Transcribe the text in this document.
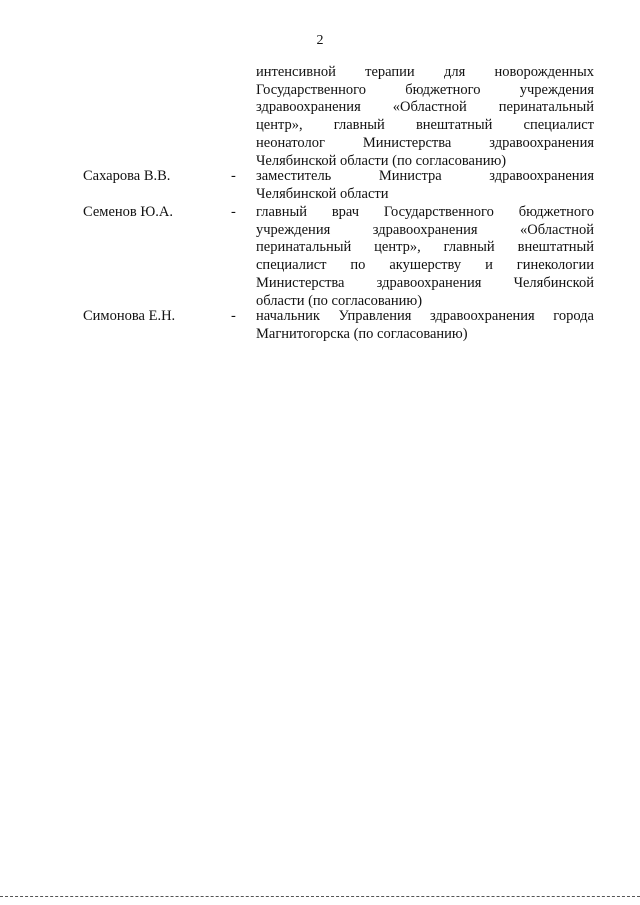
2
интенсивной терапии для новорожденных
Государственного бюджетного учреждения
здравоохранения «Областной перинатальный
центр», главный внештатный специалист
неонатолог Министерства здравоохранения
Челябинской области (по согласованию)
Сахарова В.В.	- заместитель Министра здравоохранения
Челябинской области
Семенов Ю.А.	- главный врач Государственного бюджетного
учреждения здравоохранения «Областной
перинатальный центр», главный внештатный
специалист по акушерству и гинекологии
Министерства здравоохранения Челябинской
области (по согласованию)
Симонова Е.Н.	- начальник Управления здравоохранения города
Магнитогорска (по согласованию)
